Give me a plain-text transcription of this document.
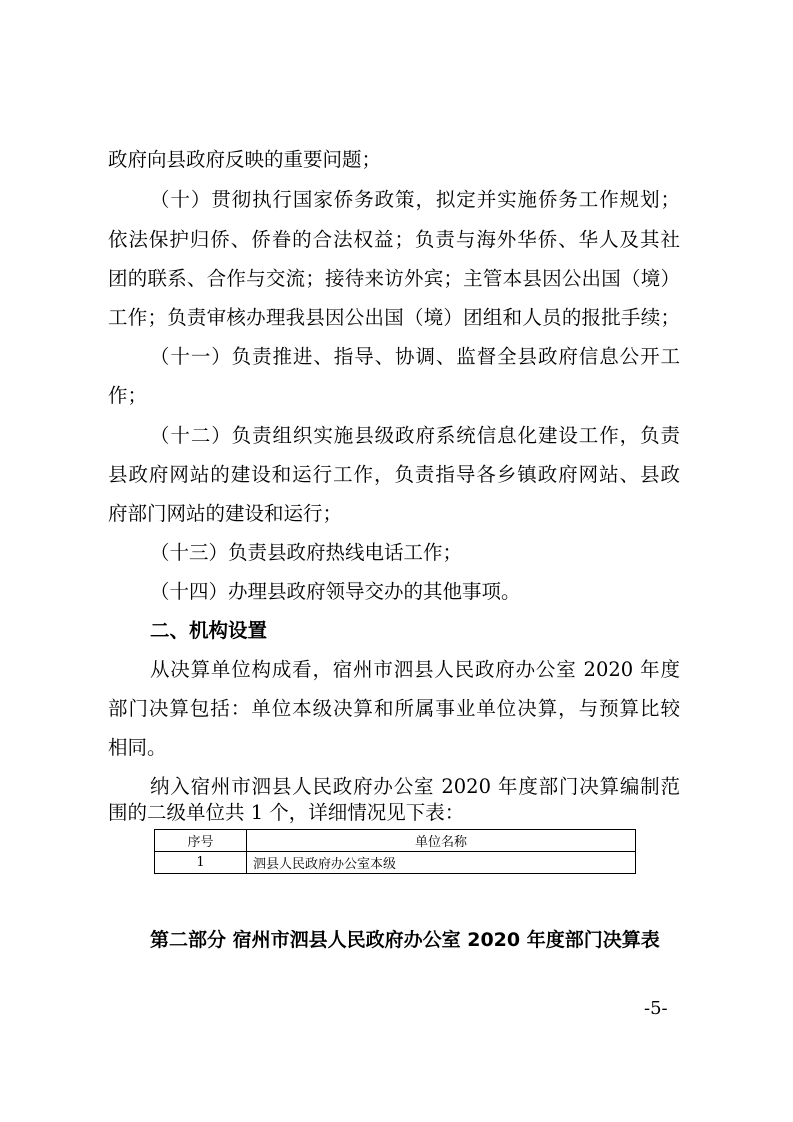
政府向县政府反映的重要问题；
（十）贯彻执行国家侨务政策，拟定并实施侨务工作规划；
依法保护归侨、侨眷的合法权益；负责与海外华侨、华人及其社
团的联系、合作与交流；接待来访外宾；主管本县因公出国（境）
工作；负责审核办理我县因公出国（境）团组和人员的报批手续；
（十一）负责推进、指导、协调、监督全县政府信息公开工
作；
（十二）负责组织实施县级政府系统信息化建设工作，负责
县政府网站的建设和运行工作，负责指导各乡镇政府网站、县政
府部门网站的建设和运行；
（十三）负责县政府热线电话工作；
（十四）办理县政府领导交办的其他事项。
二、机构设置
从决算单位构成看，宿州市泗县人民政府办公室 2020 年度
部门决算包括：单位本级决算和所属事业单位决算，与预算比较
相同。
纳入宿州市泗县人民政府办公室 2020 年度部门决算编制范
围的二级单位共 1 个，详细情况见下表：
序号	单位名称
1	泗县人民政府办公室本级
第二部分 宿州市泗县人民政府办公室 2020 年度部门决算表
-5-
